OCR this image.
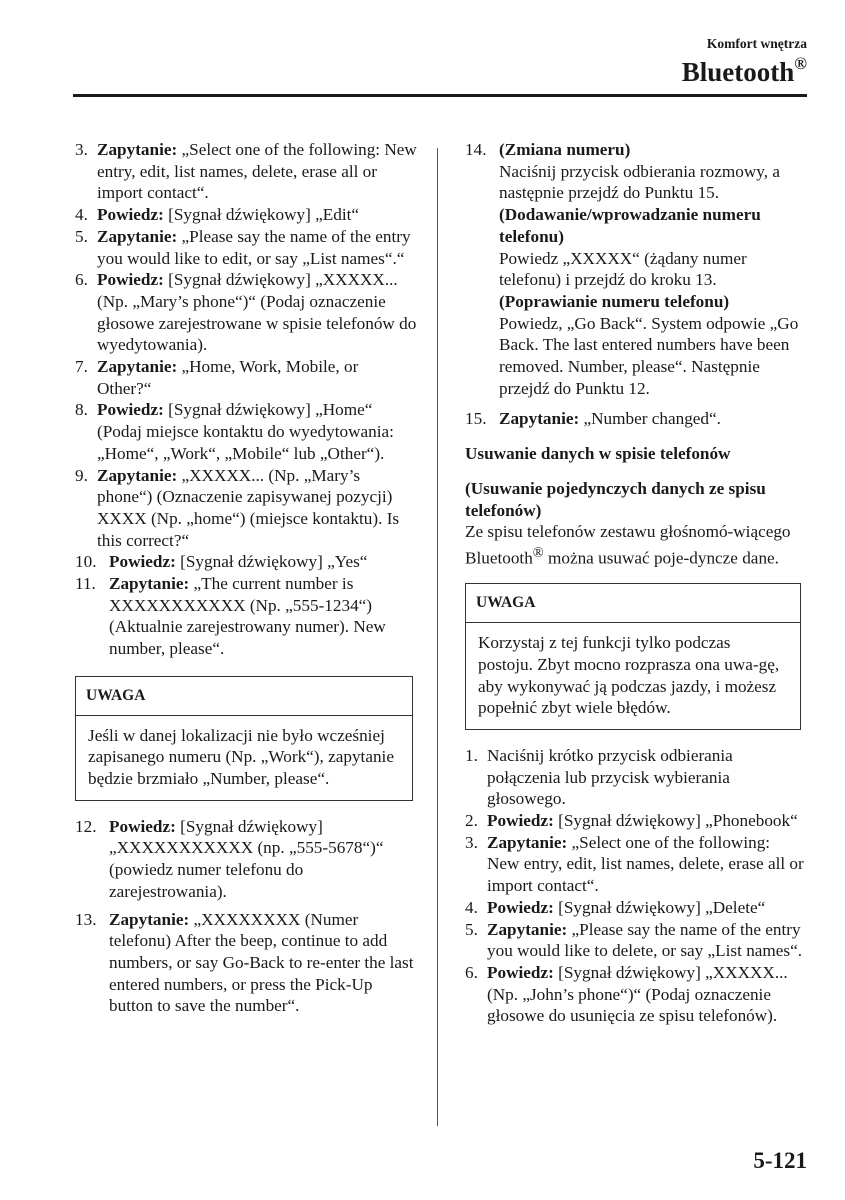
Komfort wnętrza
Bluetooth®
3. Zapytanie: „Select one of the following: New entry, edit, list names, delete, erase all or import contact“.
4. Powiedz: [Sygnał dźwiękowy] „Edit“
5. Zapytanie: „Please say the name of the entry you would like to edit, or say „List names“.“
6. Powiedz: [Sygnał dźwiękowy] „XXXXX... (Np. „Mary’s phone“)“ (Podaj oznaczenie głosowe zarejestrowane w spisie telefonów do wyedytowania).
7. Zapytanie: „Home, Work, Mobile, or Other?“
8. Powiedz: [Sygnał dźwiękowy] „Home“ (Podaj miejsce kontaktu do wyedytowania: „Home“, „Work“, „Mobile“ lub „Other“).
9. Zapytanie: „XXXXX... (Np. „Mary’s phone“) (Oznaczenie zapisywanej pozycji) XXXX (Np. „home“) (miejsce kontaktu). Is this correct?“
10. Powiedz: [Sygnał dźwiękowy] „Yes“
11. Zapytanie: „The current number is XXXXXXXXXXX (Np. „555-1234“) (Aktualnie zarejestrowany numer). New number, please“.
UWAGA
Jeśli w danej lokalizacji nie było wcześniej zapisanego numeru (Np. „Work“), zapytanie będzie brzmiało „Number, please“.
12. Powiedz: [Sygnał dźwiękowy] „XXXXXXXXXXX (np. „555-5678“)“ (powiedz numer telefonu do zarejestrowania).
13. Zapytanie: „XXXXXXXX (Numer telefonu) After the beep, continue to add numbers, or say Go-Back to re-enter the last entered numbers, or press the Pick-Up button to save the number“.
14. (Zmiana numeru)
Naciśnij przycisk odbierania rozmowy, a następnie przejdź do Punktu 15.
(Dodawanie/wprowadzanie numeru telefonu)
Powiedz „XXXXX“ (żądany numer telefonu) i przejdź do kroku 13.
(Poprawianie numeru telefonu)
Powiedz, „Go Back“. System odpowie „Go Back. The last entered numbers have been removed. Number, please“. Następnie przejdź do Punktu 12.
15. Zapytanie: „Number changed“.
Usuwanie danych w spisie telefonów
(Usuwanie pojedynczych danych ze spisu telefonów)

Ze spisu telefonów zestawu głośnomó-wiącego Bluetooth® można usuwać poje-dyncze dane.

UWAGA
Korzystaj z tej funkcji tylko podczas postoju. Zbyt mocno rozprasza ona uwa-gę, aby wykonywać ją podczas jazdy, i możesz popełnić zbyt wiele błędów.
1. Naciśnij krótko przycisk odbierania połączenia lub przycisk wybierania głosowego.
2. Powiedz: [Sygnał dźwiękowy] „Phonebook“
3. Zapytanie: „Select one of the following: New entry, edit, list names, delete, erase all or import contact“.
4. Powiedz: [Sygnał dźwiękowy] „Delete“
5. Zapytanie: „Please say the name of the entry you would like to delete, or say „List names“.
6. Powiedz: [Sygnał dźwiękowy] „XXXXX... (Np. „John’s phone“)“ (Podaj oznaczenie głosowe do usunięcia ze spisu telefonów).
5-121
